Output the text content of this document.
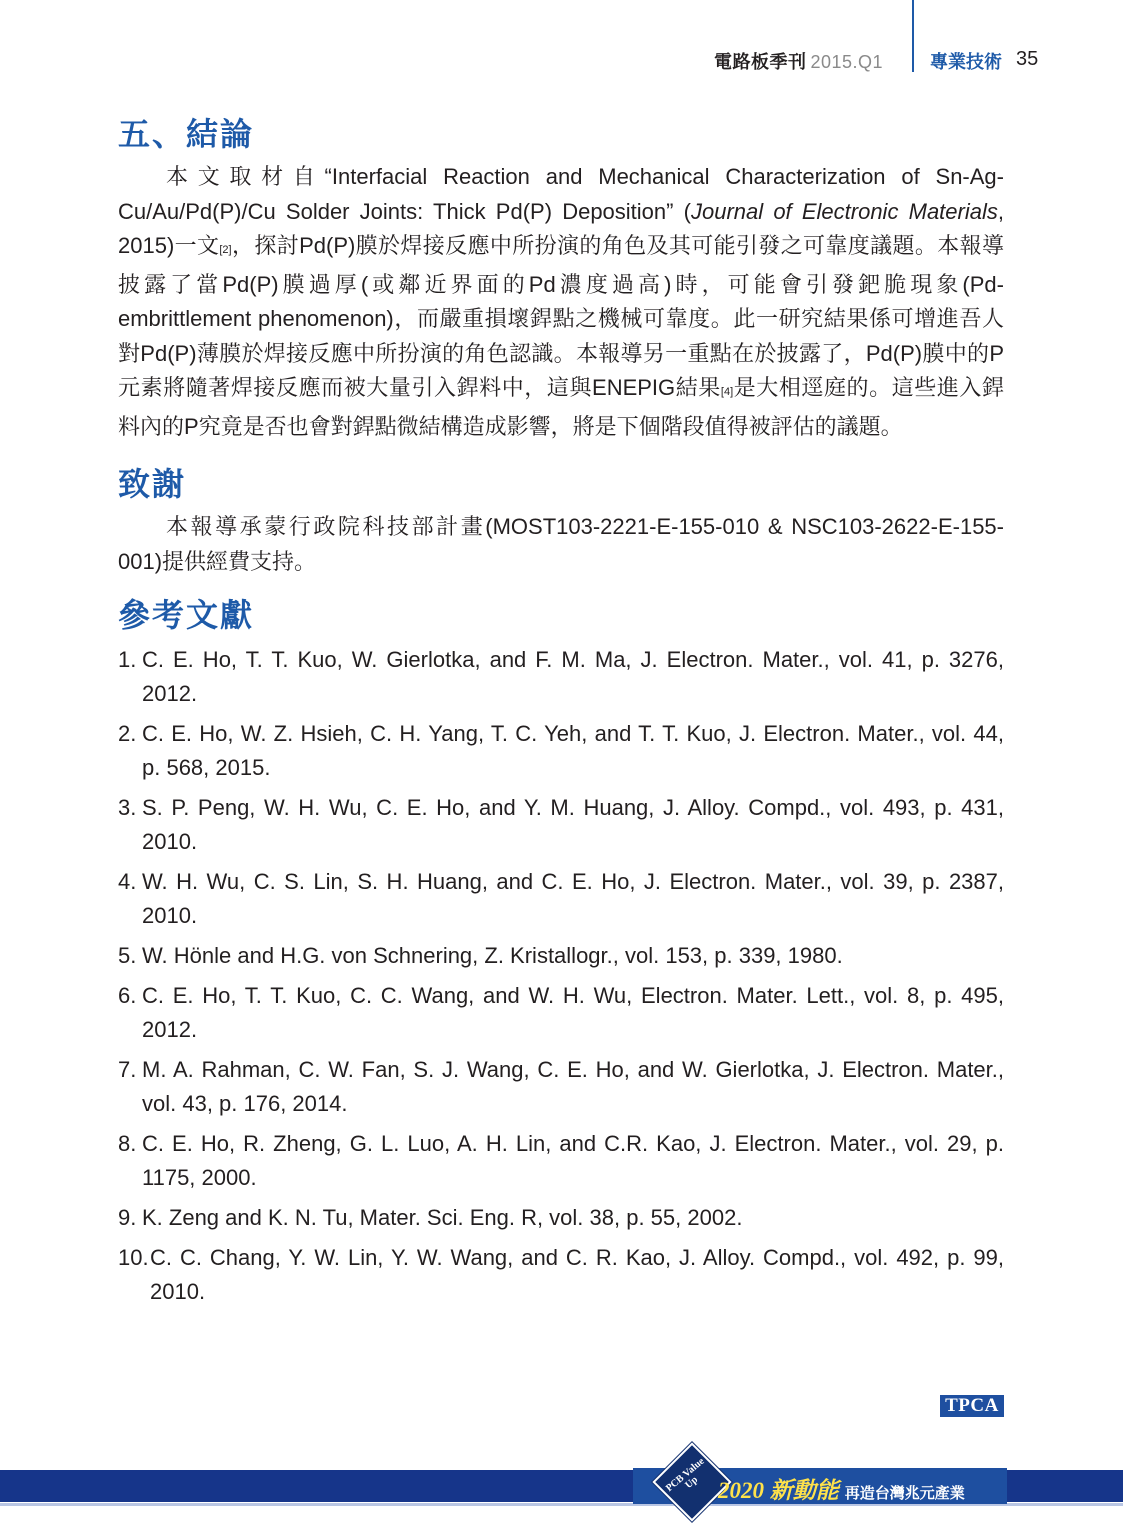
電路板季刊 2015.Q1	專業技術 35
五、結論

本文取材自“Interfacial Reaction and Mechanical Characterization of Sn-Ag-Cu/Au/Pd(P)/Cu Solder Joints: Thick Pd(P) Deposition” (Journal of Electronic Materials, 2015)一文[2]，探討Pd(P)膜於焊接反應中所扮演的角色及其可能引發之可靠度議題。本報導披露了當Pd(P)膜過厚(或鄰近界面的Pd濃度過高)時，可能會引發鈀脆現象(Pd-embrittlement phenomenon)，而嚴重損壞銲點之機械可靠度。此一研究結果係可增進吾人對Pd(P)薄膜於焊接反應中所扮演的角色認識。本報導另一重點在於披露了，Pd(P)膜中的P元素將隨著焊接反應而被大量引入銲料中，這與ENEPIG結果[4]是大相逕庭的。這些進入銲料內的P究竟是否也會對銲點微結構造成影響，將是下個階段值得被評估的議題。

致謝

本報導承蒙行政院科技部計畫(MOST103-2221-E-155-010 & NSC103-2622-E-155-001)提供經費支持。

參考文獻
1. C. E. Ho, T. T. Kuo, W. Gierlotka, and F. M. Ma, J. Electron. Mater., vol. 41, p. 3276, 2012.
2. C. E. Ho, W. Z. Hsieh, C. H. Yang, T. C. Yeh, and T. T. Kuo, J. Electron. Mater., vol. 44, p. 568, 2015.
3. S. P. Peng, W. H. Wu, C. E. Ho, and Y. M. Huang, J. Alloy. Compd., vol. 493, p. 431, 2010.
4. W. H. Wu, C. S. Lin, S. H. Huang, and C. E. Ho, J. Electron. Mater., vol. 39, p. 2387, 2010.
5. W. Hönle and H.G. von Schnering, Z. Kristallogr., vol. 153, p. 339, 1980.
6. C. E. Ho, T. T. Kuo, C. C. Wang, and W. H. Wu, Electron. Mater. Lett., vol. 8, p. 495, 2012.
7. M. A. Rahman, C. W. Fan, S. J. Wang, C. E. Ho, and W. Gierlotka, J. Electron. Mater., vol. 43, p. 176, 2014.
8. C. E. Ho, R. Zheng, G. L. Luo, A. H. Lin, and C.R. Kao, J. Electron. Mater., vol. 29, p. 1175, 2000.
9. K. Zeng and K. N. Tu, Mater. Sci. Eng. R, vol. 38, p. 55, 2002.
10. C. C. Chang, Y. W. Lin, Y. W. Wang, and C. R. Kao, J. Alloy. Compd., vol. 492, p. 99, 2010.
TPCA
PCB Value Up 2020 新動能 再造台灣兆元產業
